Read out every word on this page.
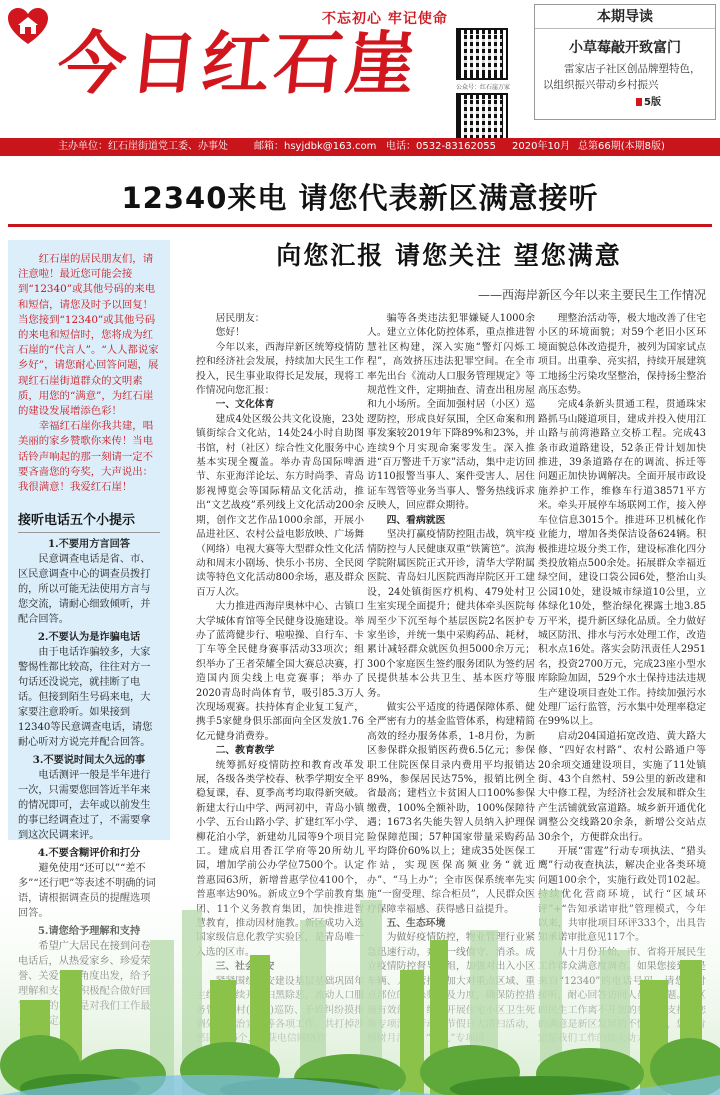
不忘初心 牢记使命
今日红石崖	公众号：红石崖万家
本期导读
小草莓敲开致富门
雷家店子社区创品牌塑特色，以组织振兴带动乡村振兴
5版
主办单位：红石崖街道党工委、办事处	邮箱：hsyjdbk@163.com 电话：0532-83162055 2020年10月 总第66期(本期8版)
12340来电 请您代表新区满意接听

红石崖的居民朋友们，请注意啦！最近您可能会接到“12340”或其他号码的来电和短信，请您及时予以回复！当您接到“12340”或其他号码的来电和短信时，您将成为红石崖的“代言人”。“人人都说家乡好”，请您耐心回答问题，展现红石崖街道群众的文明素质，用您的“满意”，为红石崖的建设发展增添色彩！

幸福红石崖你我共建，唱美丽的家乡赞歌你来传！当电话铃声响起的那一刻请一定不要吝啬您的夸奖，大声说出：我很满意！我爱红石崖！

接听电话五个小提示
1.不要用方言回答
民意调查电话是省、市、区民意调查中心的调查员拨打的，所以可能无法使用方言与您交流，请耐心细致倾听，并配合回答。
2.不要认为是诈骗电话
由于电话诈骗较多，大家警惕性都比较高，往往对方一句话还没说完，就挂断了电话。但接到陌生号码来电，大家要注意聆听。如果接到12340等民意调查电话，请您耐心听对方说完并配合回答。
3.不要说时间太久远的事
电话测评一般是半年进行一次，只需要您回答近半年来的情况即可，去年或以前发生的事已经调查过了，不需要拿到这次民调来评。
4.不要含糊评价和打分
向您汇报 请您关注 望您满意
——西海岸新区今年以来主要民生工作情况

居民朋友：

您好！

今年以来，西海岸新区统筹疫情防控和经济社会发展，持续加大民生工作投入，民生事业取得长足发展，现将工作情况向您汇报：

一、文化体育

建成4处区级公共文化设施，23处镇街综合文化站，14处24小时自助图书馆，村（社区）综合性文化服务中心基本实现全覆盖。举办青岛国际啤酒节、东亚海洋论坛、东方时尚季、青岛影视博览会等国际精品文化活动，推出“文艺战疫”系列线上文化活动200余期，创作文艺作品1000余部，开展小品进社区、农村公益电影放映、广场舞（网络）电视大赛等大型群众性文化活动和周末小剧场、快乐小书房、全民阅读等特色文化活动800余场，惠及群众百万人次。

大力推进西海岸奥林中心、古镇口大学城体育馆等全民健身设施建设。举办了蓝湾健步行、啦啦操、自行车、卡丁车等全民健身赛事活动33项次；组织举办了王者荣耀全国大赛总决赛，打造国内顶尖线上电竞赛事；举办了2020青岛时尚体育节，吸引85.3万人次现场观赛。扶持体育企业复工复产，携手5家健身俱乐部面向全区发放1.76亿元健身消费券。

二、教育教学

统筹抓好疫情防控和教育改革发展，各级各类学校春、秋季学期安全平稳复课，春、夏季高考均取得新突破。新建太行山中学、两河初中，青岛小镇小学、五台山路小学、扩建红军小学、柳花泊小学，新建幼儿园等9个项目完工。建成启用香江学府等20所幼儿

骗等各类违法犯罪嫌疑人1000余人。建立立体化防控体系，重点推进智慧社区构建，深入实施“警灯闪烁工程”，高效挤压违法犯罪空间。在全市率先出台《流动人口服务管理规定》等规范性文件，定期抽查、清查出租房屋和九小场所。全面加强村居（小区）巡逻防控，形成良好氛围，全区命案和刑事发案较2019年下降89%和23%，并连续9个月实现命案零发生。深入推进“百万警进千万家”活动，集中走访回访110报警当事人、案件受害人、居住证车驾管等业务当事人、警务热线诉求反映人，回应群众期待。

四、看病就医

坚决打赢疫情防控阻击战，筑牢疫情防控与人民健康双重“铁篱笆”。滨海学院附属医院正式开诊，清华大学附属医院、青岛妇儿医院西海岸院区开工建设，24处镇街医疗机构、479处村卫生室实现全面提升；健共体牵头医院每周至少下沉至每个基层医院2名医护专家坐诊，并统一集中采购药品、耗材，累计减轻群众就医负担5000余万元；300个家庭医生签约服务团队为签约居民提供基本公共卫生、基本医疗等服务。

做实公平适度的待遇保障体系、健全严密有力的基金监管体系，构建精简高效的经办服务体系，1-8月份，为新区参保群众报销医药费6.5亿元；参保职工住院医保目录内费用平均报销达89%，参保居民达75%，报销比例全省最高；建档立卡贫困人口100%参保缴费，100%全额补助，100%保障待遇；1673名失能失智人员纳入护理保险保障范围；57种国家带量采购药品平均降价60%以上；建成35处医保工

理整治活动等，极大地改善了住宅小区的环境面貌；对59个老旧小区环境面貌总体改造提升，被列为国家试点项目。出重拳、亮实招，持续开展建筑工地扬尘污染攻坚整治，保持扬尘整治高压态势。

完成4条新头贯通工程，贯通珠宋路抓马山隧道项目，建成并投入使用江山路与前湾港路立交桥工程。完成43条市政道路建设，52条正骨计划加快推进，39条道路存在的调流、拆迁等问题正加快协调解决。全面开展市政设施养护工作，维修车行道38571平方米。牵头开展停车场联网工作，接入停车位信息3015个。推进环卫机械化作业能力，增加各类保洁设备624辆。积极推进垃圾分类工作，建设标准化四分类投放箱点500余处。拓展群众幸福近绿空间，建设口袋公园6处，整治山头公园10处，建设城市绿道10公里，立体绿化10处，整治绿化裸露土地3.85万平米，提升新区绿化品质。全力做好城区防汛、排水与污水处理工作，改造积水点16处。落实会防汛责任人2951名，投资2700万元，完成23座小型水库除险加固，529个水土保持违法违规生产建设项目查处工作。持续加强污水处理厂运行监管，污水集中处理率稳定在99%以上。

启动204国道拓宽改造、黄大路大修、“四好农村路”、农村公路通户等20余项交通建设项目，实施了11处镇街、43个自然村、59公里的新改建和大中修工程，为经济社会发展和群众生产生活铺就致富道路。城乡新开通优化调整公交线路20余条，新增公交站点30余个，方便群众出行。

开展“雷霆”行动专项执法、“猎头
